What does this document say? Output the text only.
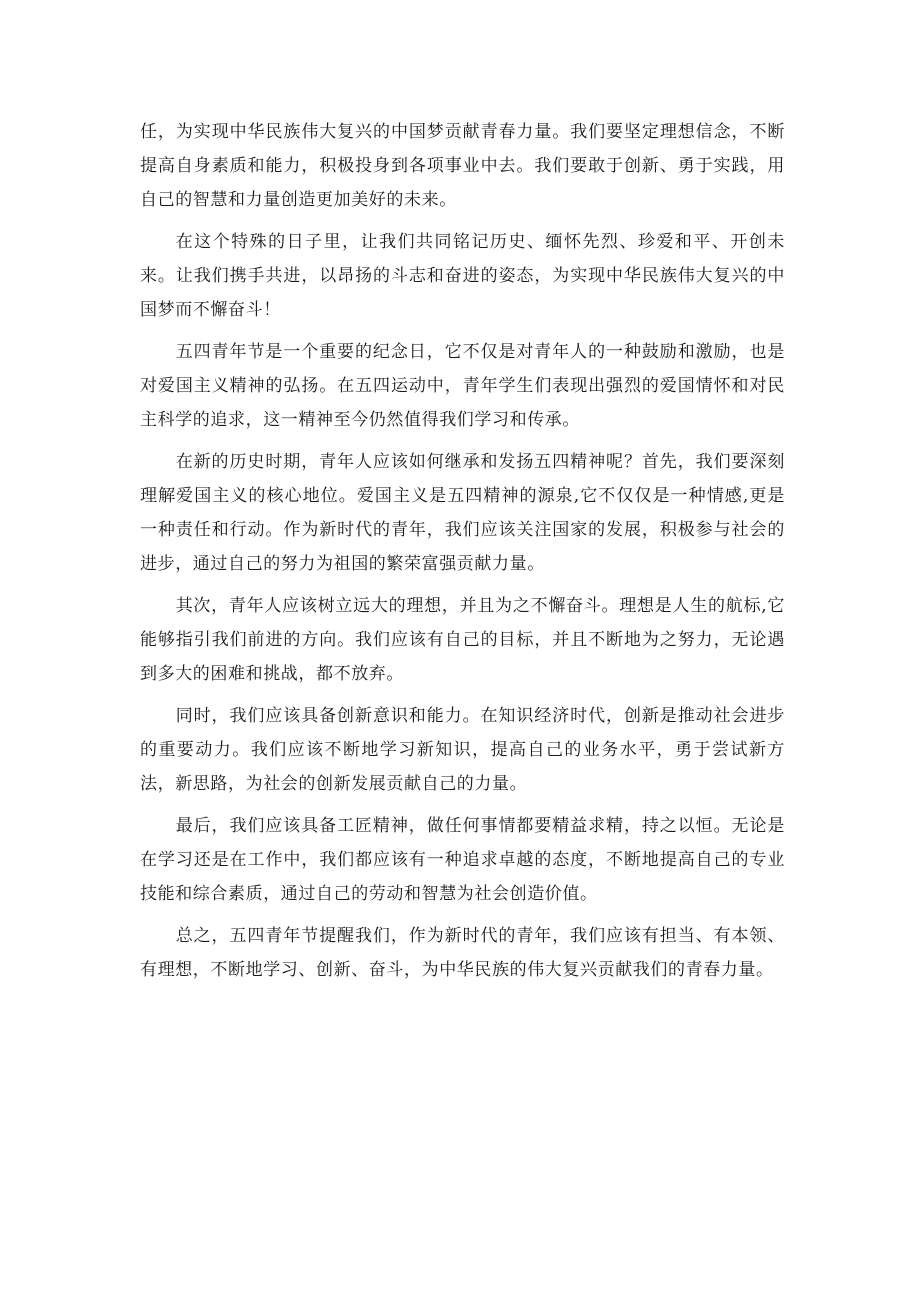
任，为实现中华民族伟大复兴的中国梦贡献青春力量。我们要坚定理想信念，不断提高自身素质和能力，积极投身到各项事业中去。我们要敢于创新、勇于实践，用自己的智慧和力量创造更加美好的未来。

在这个特殊的日子里，让我们共同铭记历史、缅怀先烈、珍爱和平、开创未来。让我们携手共进，以昂扬的斗志和奋进的姿态，为实现中华民族伟大复兴的中国梦而不懈奋斗！

五四青年节是一个重要的纪念日，它不仅是对青年人的一种鼓励和激励，也是对爱国主义精神的弘扬。在五四运动中，青年学生们表现出强烈的爱国情怀和对民主科学的追求，这一精神至今仍然值得我们学习和传承。

在新的历史时期，青年人应该如何继承和发扬五四精神呢？首先，我们要深刻理解爱国主义的核心地位。爱国主义是五四精神的源泉,它不仅仅是一种情感,更是一种责任和行动。作为新时代的青年，我们应该关注国家的发展，积极参与社会的进步，通过自己的努力为祖国的繁荣富强贡献力量。

其次，青年人应该树立远大的理想，并且为之不懈奋斗。理想是人生的航标,它能够指引我们前进的方向。我们应该有自己的目标，并且不断地为之努力，无论遇到多大的困难和挑战，都不放弃。

同时，我们应该具备创新意识和能力。在知识经济时代，创新是推动社会进步的重要动力。我们应该不断地学习新知识，提高自己的业务水平，勇于尝试新方法，新思路，为社会的创新发展贡献自己的力量。

最后，我们应该具备工匠精神，做任何事情都要精益求精，持之以恒。无论是在学习还是在工作中，我们都应该有一种追求卓越的态度，不断地提高自己的专业技能和综合素质，通过自己的劳动和智慧为社会创造价值。

总之，五四青年节提醒我们，作为新时代的青年，我们应该有担当、有本领、有理想，不断地学习、创新、奋斗，为中华民族的伟大复兴贡献我们的青春力量。
